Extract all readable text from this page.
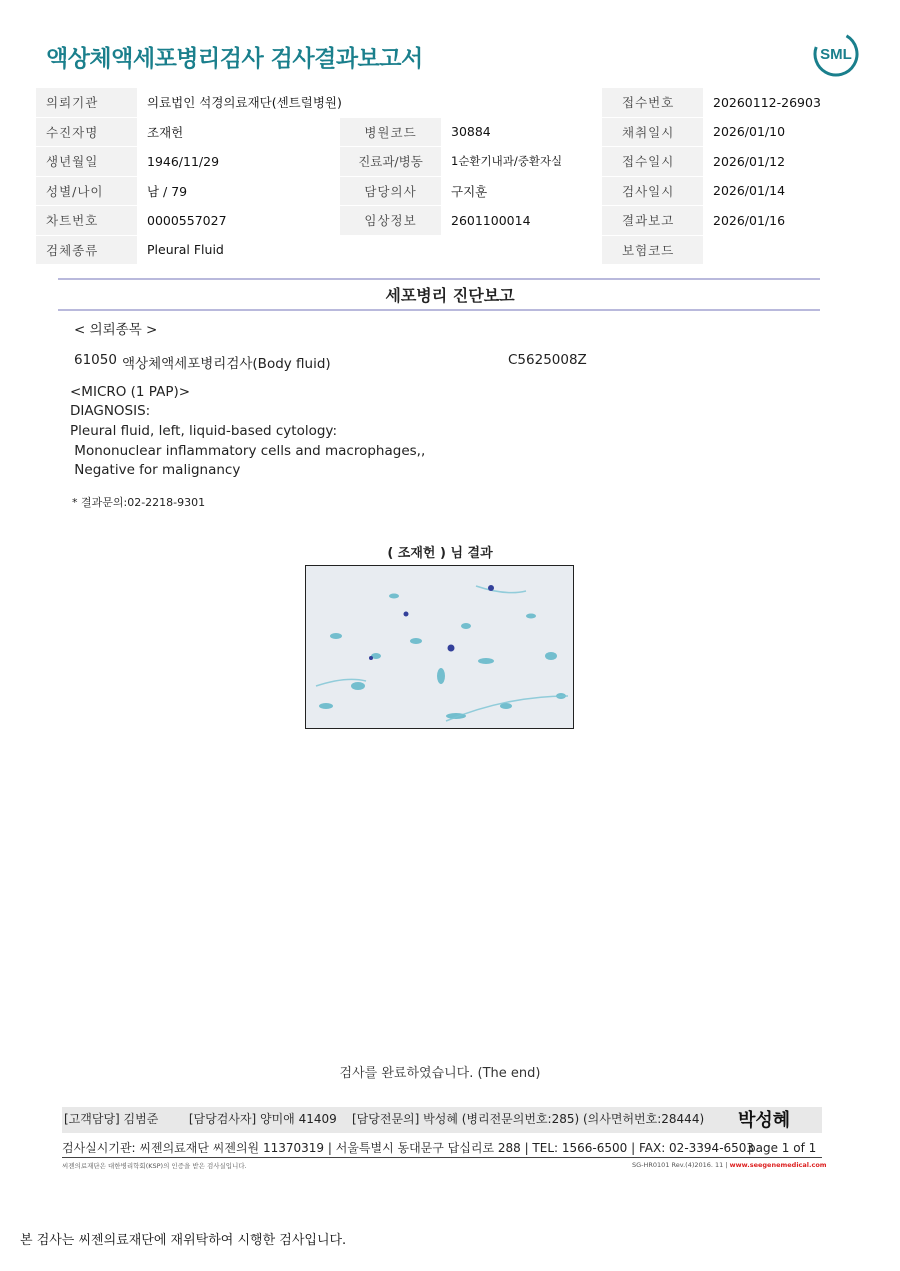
액상체액세포병리검사 검사결과보고서	SML
의뢰기관	의료법인 석경의료재단(센트럴병원)			접수번호	20260112-26903
수진자명	조재헌	병원코드	30884	채취일시	2026/01/10
생년월일	1946/11/29	진료과/병동	1순환기내과/중환자실	접수일시	2026/01/12
성별/나이	남 / 79	담당의사	구지훈	검사일시	2026/01/14
차트번호	0000557027	임상정보	2601100014	결과보고	2026/01/16
검체종류	Pleural Fluid			보험코드	
세포병리 진단보고
< 의뢰종목 >
61050 액상체액세포병리검사(Body fluid)	C5625008Z
<MICRO (1 PAP)>
DIAGNOSIS:
Pleural fluid, left, liquid-based cytology:
Mononuclear inflammatory cells and macrophages,,
Negative for malignancy
* 결과문의:02-2218-9301
( 조재헌 ) 님 결과
검사를 완료하였습니다. (The end)
[고객담당] 김범준        [담당검사자] 양미애 41409    [담당전문의] 박성혜 (병리전문의번호:285) (의사면허번호:28444)	박성혜
검사실시기관: 씨젠의료재단 씨젠의원 11370319 | 서울특별시 동대문구 답십리로 288 | TEL: 1566-6500 | FAX: 02-3394-6503
page 1 of 1
씨젠의료재단은 대한병리학회(KSP)의 인증을 받은 검사실입니다.	SG-HR0101 Rev.(4)2016. 11 | www.seegenemedical.com
본 검사는 씨젠의료재단에 재위탁하여 시행한 검사입니다.
